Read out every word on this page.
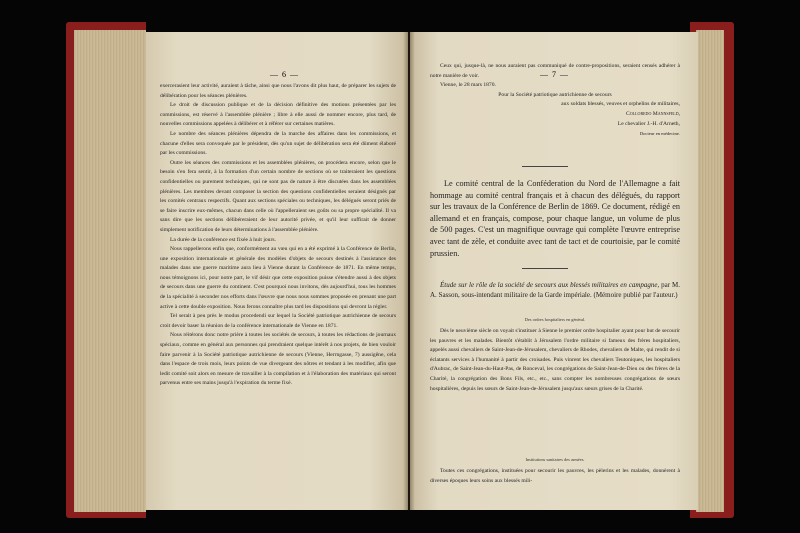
— 6 —	— 7 —

exercerasient leur activité, auraient à tâche, ainsi que nous l'avons dit plus haut, de préparer les sujets de délibération pour les séances plénières.

Le droit de discussion publique et de la décision définitive des motions présentées par les commissions, est réservé à l'assemblée plénière ; libre à elle aussi de nommer encore, plus tard, de nouvelles commissions appelées à délibérer et à référer sur certaines matières.

Le nombre des séances plénières dépendra de la marche des affaires dans les commissions, et chacune d'elles sera convoquée par le président, dès qu'un sujet de délibération sera été dûment élaboré par les commissions.

Outre les séances des commissions et les assemblées plénières, on procédera encore, selon que le besoin s'en fera sentir, à la formation d'un certain nombre de sections où se traiteraient les questions confidentielles ou purement techniques, qui ne sont pas de nature à être discutées dans les assemblées plénières. Les membres devant composer la section des questions confidentielles seraient désignés par les comités centraux respectifs. Quant aux sections spéciales ou techniques, les délégués seront priés de se faire inscrire eux-mêmes, chacun dans celle où l'appelleraient ses goûts ou sa propre spécialité. Il va sans dire que les sections délibéreraient de leur autorité privée, et qu'il leur suffirait de donner simplement notification de leurs déterminations à l'assemblée plénière.

La durée de la conférence est fixée à huit jours.

Nous rappellerons enfin que, conformément au vœu qui en a été exprimé à la Conférence de Berlin, une exposition internationale et générale des modèles d'objets de secours destinés à l'assistance des malades dans une guerre maritime aura lieu à Vienne durant la Conférence de 1871. En même temps, nous témoignons ici, pour notre part, le vif désir que cette exposition puisse s'étendre aussi à des objets de secours dans une guerre du continent. C'est pourquoi nous invitons, dès aujourd'hui, tous les hommes de la spécialité à seconder nos efforts dans l'œuvre que nous nous sommes proposée en prenant une part active à cette double exposition. Nous ferons connaître plus tard les dispositions qui devront la régler.

Tel serait à peu près le modus procedendi sur lequel la Société patriotique autrichienne de secours croit devoir baser la réunion de la conférence internationale de Vienne en 1871.

Nous réitérons donc notre prière à toutes les sociétés de secours, à toutes les rédactions de journaux spéciaux, comme en général aux personnes qui prendraient quelque intérêt à nos projets, de bien vouloir faire parvenir à la Société patriotique autrichienne de secours (Vienne, Herrngasse, 7) aussigêne, cela dans l'espace de trois mois, leurs points de vue divergeant des nôtres et tendant à les modifier, afin que ledit comité soit alors en mesure de travailler à la compilation et à l'élaboration des matériaux qui seront parvenus entre ses mains jusqu'à l'expiration du terme fixé.

Ceux qui, jusque-là, ne nous auraient pas communiqué de contre-propositions, seraient censés adhérer à notre manière de voir.

Vienne, le 28 mars 1870.

Pour la Société patriotique autrichienne de secours

aux soldats blessés, veuves et orphelins de militaires,

Colloredo Mannsfeld,

Le chevalier J.-H. d'Arneth,

Docteur en médecine.

Le comité central de la Conféderation du Nord de l'Allemagne a fait hommage au comité central français et à chacun des délégués, du rapport sur les travaux de la Conférence de Berlin de 1869. Ce document, rédigé en allemand et en français, compose, pour chaque langue, un volume de plus de 500 pages. C'est un magnifique ouvrage qui complète l'œuvre entreprise avec tant de zèle, et conduite avec tant de tact et de courtoisie, par le comité prussien.

Étude sur le rôle de la société de secours aux blessés militaires en campagne, par M. A. Sasson, sous-intendant militaire de la Garde impériale. (Mémoire publié par l'auteur.)

Des ordres hospitaliers en général.

Dès le neuvième siècle on voyait s'instituer à Sienne le premier ordre hospitalier ayant pour but de secourir les pauvres et les malades. Bientôt s'établit à Jérusalem l'ordre militaire si fameux des frères hospitaliers, appelés aussi chevaliers de Saint-Jean-de-Jérusalem, chevaliers de Rhodes, chevaliers de Malte, qui rendit de si éclatants services à l'humanité à partir des croisades. Puis vinrent les chevaliers Teutoniques, les hospitaliers d'Aubrac, de Saint-Jean-du-Haut-Pas, de Ronceval, les congrégations de Saint-Jean-de-Dieu ou des frères de la Charité, la congrégation des Bons Fils, etc., etc., sans compter les nombreuses congrégations de sœurs hospitalières, depuis les sœurs de Saint-Jean-de-Jérusalem jusqu'aux sœurs grises de la Charité.

Institutions sanitaires des armées.

Toutes ces congrégations, instituées pour secourir les pauvres, les pèlerins et les malades, donnèrent à diverses époques leurs soins aux blessés mili-
